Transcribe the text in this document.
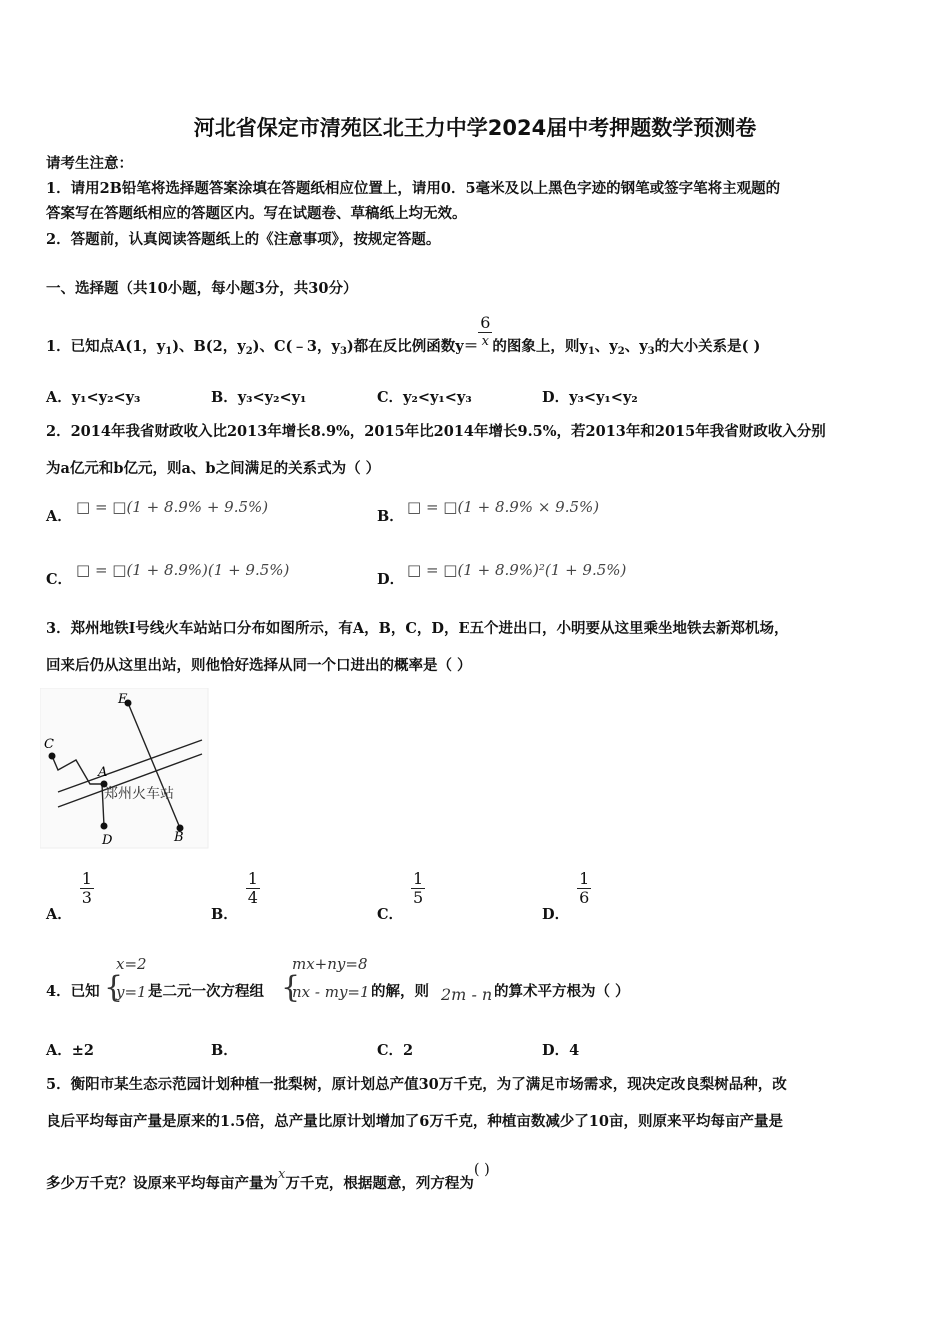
河北省保定市清苑区北王力中学2024届中考押题数学预测卷
请考生注意：
1．请用2B铅笔将选择题答案涂填在答题纸相应位置上，请用0．5毫米及以上黑色字迹的钢笔或签字笔将主观题的
答案写在答题纸相应的答题区内。写在试题卷、草稿纸上均无效。
2．答题前，认真阅读答题纸上的《注意事项》，按规定答题。
一、选择题（共10小题，每小题3分，共30分）
1．已知点A(1，$y_1$)、B(2，$y_2$)、C(﹣3，$y_3$)都在反比例函数$y= \frac{6}{x}$ 的图象上，则$y_1$、$y_2$、$y_3$的大小关系是( )
A．y₁<y₂<y₃	B．y₃<y₂<y₁	C．y₂<y₁<y₃	D．y₃<y₁<y₂
2．2014年我省财政收入比2013年增长8.9%，2015年比2014年增长9.5%，若2013年和2015年我省财政收入分别
为a亿元和b亿元，则a、b之间满足的关系式为（ ）
A．
□ = □(1 + 8.9% + 9.5%)
B．
□ = □(1 + 8.9% × 9.5%)
C．
□ = □(1 + 8.9%)(1 + 9.5%)
D．
□ = □(1 + 8.9%)²(1 + 9.5%)
3．郑州地铁Ⅰ号线火车站站口分布如图所示，有A，B，C，D，E五个进出口，小明要从这里乘坐地铁去新郑机场，
回来后仍从这里出站，则他恰好选择从同一个口进出的概率是（ ）
E
C
A
D	B
郑州火车站
A．
$\frac{1}{3}$
B．
$\frac{1}{4}$
C．
$\frac{1}{5}$
D．
$\frac{1}{6}$
4．已知 {
x=2
y=1 是二元一次方程组 {
mx+ny=8
nx - my=1 的解，则 2m - n 的算术平方根为（ ）
A．±2	B．	C．2	D．4
5．衡阳市某生态示范园计划种植一批梨树，原计划总产值30万千克，为了满足市场需求，现决定改良梨树品种，改
良后平均每亩产量是原来的1.5倍，总产量比原计划增加了6万千克，种植亩数减少了10亩，则原来平均每亩产量是
多少万千克？设原来平均每亩产量为x万千克，根据题意，列方程为( )
